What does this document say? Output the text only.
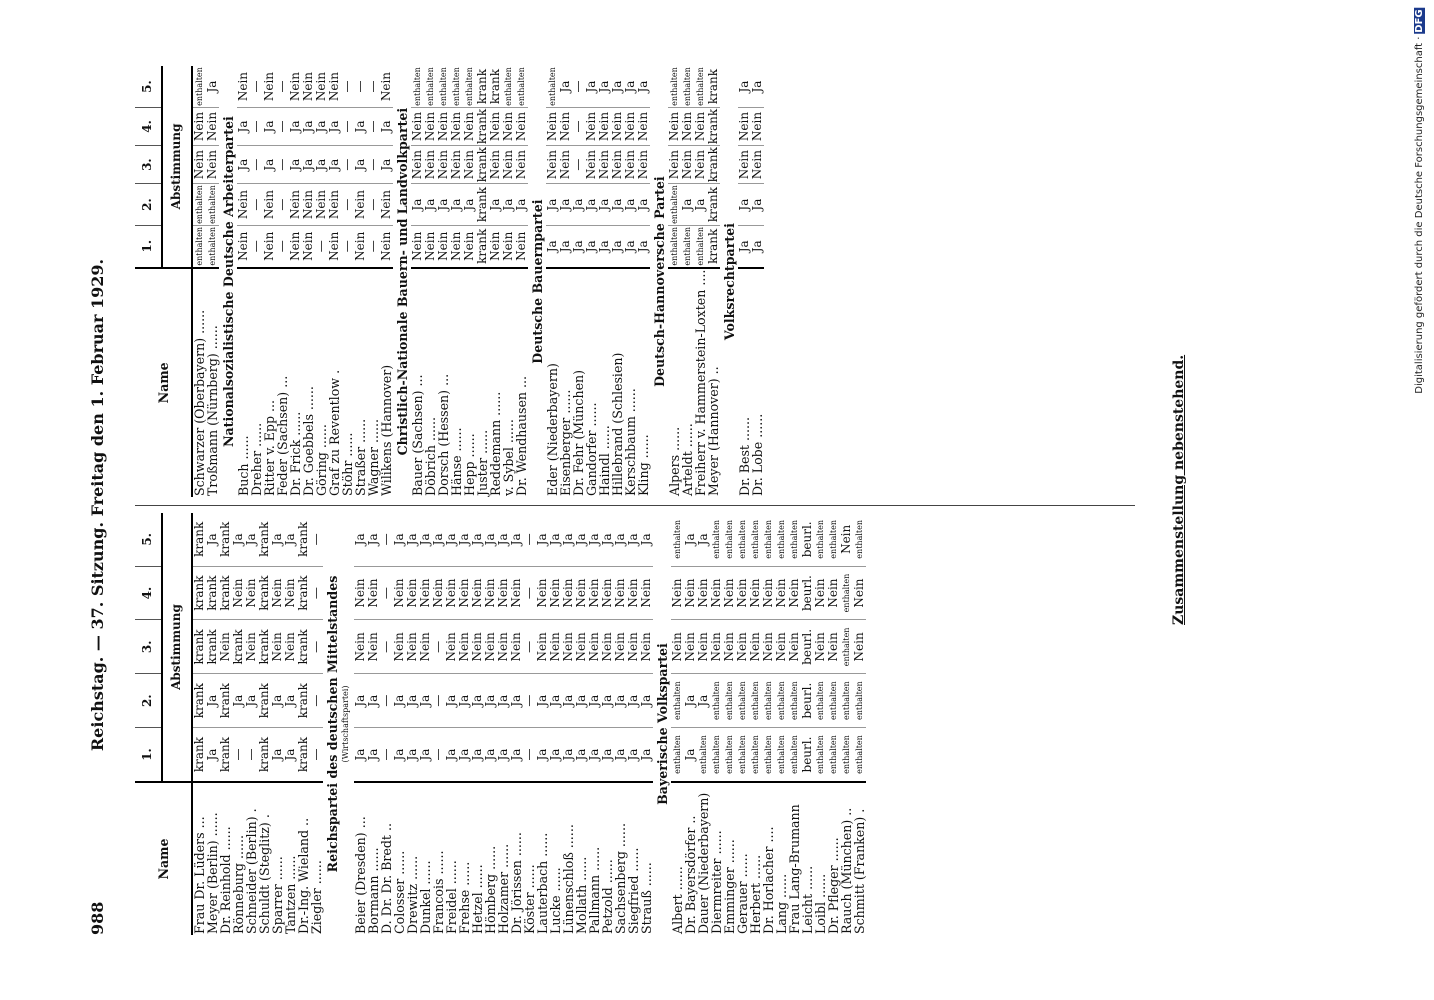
988
Reichstag. — 37. Sitzung. Freitag den 1. Februar 1929.
Name	1.	2.	3.	4.	5.
	Abstimmung				
Frau Dr. Lüders ...	krank	krank	krank	krank	krank
Meyer (Berlin) ......	Ja	Ja	krank	krank	Ja
Dr. Reinhold ......	krank	krank	Nein	krank	krank
Rönneburg ......	—	Ja	krank	Nein	Ja
Schneider (Berlin) .	—	Ja	Nein	Nein	Ja
Schuldt (Steglitz) .	krank	krank	krank	krank	krank
Sparrer ......	Ja	Ja	Nein	Nein	Ja
Tantzen ......	Ja	Ja	Nein	Nein	Ja
Dr.-Ing. Wieland ..	krank	krank	krank	krank	krank
Ziegler ......	—	—	—	—	—
Reichspartei des deutschen Mittelstandes (Wirtschaftspartei)					

Beier (Dresden) ...	Ja	Ja	Nein	Nein	Ja
Bormann ......	Ja	Ja	Nein	Nein	Ja
D. Dr. Dr. Bredt ..	—	—	—	—	—
Colosser ......	Ja	Ja	Nein	Nein	Ja
Drewitz ......	Ja	Ja	Nein	Nein	Ja
Dunkel ......	Ja	Ja	Nein	Nein	Ja
Francois ......	—	—	—	Nein	Ja
Freidel ......	Ja	Ja	Nein	Nein	Ja
Frehse ......	Ja	Ja	Nein	Nein	Ja
Hetzel ......	Ja	Ja	Nein	Nein	Ja
Hömberg ......	Ja	Ja	Nein	Nein	Ja
Holzamer ......	Ja	Ja	Nein	Nein	Ja
Dr. Jörissen ......	Ja	Ja	Nein	Nein	Ja
Köster ......	—	—	—	—	—
Lauterbach ......	Ja	Ja	Nein	Nein	Ja
Lucke ......	Ja	Ja	Nein	Nein	Ja
Lünenschloß ......	Ja	Ja	Nein	Nein	Ja
Mollath ......	Ja	Ja	Nein	Nein	Ja
Pallmann ......	Ja	Ja	Nein	Nein	Ja
Petzold ......	Ja	Ja	Nein	Nein	Ja
Sachsenberg ......	Ja	Ja	Nein	Nein	Ja
Siegfried ......	Ja	Ja	Nein	Nein	Ja
Strauß ......	Ja	Ja	Nein	Nein	Ja
Bayerische Volkspartei					
Albert ......	enthalten	enthalten	Nein	Nein	enthalten
Dr. Bayersdörfer ..	Ja	Ja	Nein	Nein	Ja
Dauer (Niederbayern)	enthalten	Ja	Nein	Nein	Ja
Diermreiter ......	enthalten	enthalten	Nein	Nein	enthalten
Emminger ......	enthalten	enthalten	Nein	Nein	enthalten
Gerauer ......	enthalten	enthalten	Nein	Nein	enthalten
Herbert ......	enthalten	enthalten	Nein	Nein	enthalten
Dr. Horlacher ....	enthalten	enthalten	Nein	Nein	enthalten
Lang ......	enthalten	enthalten	Nein	Nein	enthalten
Frau Lang-Brumann	enthalten	enthalten	Nein	Nein	enthalten
Leicht ......	beurl.	beurl.	beurl.	beurl.	beurl.
Loibl ......	enthalten	enthalten	Nein	Nein	enthalten
Dr. Pfleger ......	enthalten	enthalten	Nein	Nein	enthalten
Rauch (München) ..	enthalten	enthalten	enthalten	enthalten	Nein
Schmitt (Franken) .	enthalten	enthalten	Nein	Nein	enthalten
Name	1.	2.	3.	4.	5.
	Abstimmung				
Schwarzer (Oberbayern) ......	enthalten	enthalten	Nein	Nein	enthalten
Troßmann (Nürnberg) ......	enthalten	enthalten	Nein	Nein	Ja
Nationalsozialistische Deutsche Arbeiterpartei					
Buch ......	Nein	Nein	Ja	Ja	Nein
Dreher ......	—	—	—	—	—
Ritter v. Epp ...	Nein	Nein	Ja	Ja	Nein
Feder (Sachsen) ...	—	—	—	—	—
Dr. Frick ......	Nein	Nein	Ja	Ja	Nein
Dr. Goebbels ......	Nein	Nein	Ja	Ja	Nein
Göring ......	—	Nein	Ja	Ja	Nein
Graf zu Reventlow .	Nein	Nein	Ja	Ja	Nein
Stöhr ......	—	—	—	—	—
Straßer ......	Nein	Nein	Ja	Ja	—
Wagner ......	—	—	—	—	—
Wilikens (Hannover)	Nein	Nein	Ja	Ja	Nein
Christlich-Nationale Bauern- und Landvolkpartei					
Bauer (Sachsen) ...	Nein	Ja	Nein	Nein	enthalten
Döbrich ......	Nein	Ja	Nein	Nein	enthalten
Dorsch (Hessen) ...	Nein	Ja	Nein	Nein	enthalten
Hänse ......	Nein	Ja	Nein	Nein	enthalten
Hepp ......	Nein	Ja	Nein	Nein	enthalten
Juster ......	krank	krank	krank	krank	krank
Reddemann ......	Nein	Ja	Nein	Nein	krank
v. Sybel ......	Nein	Ja	Nein	Nein	enthalten
Dr. Wendhausen ...	Nein	Ja	Nein	Nein	enthalten
Deutsche Bauernpartei					
Eder (Niederbayern)	Ja	Ja	Nein	Nein	enthalten
Eisenberger ......	Ja	Ja	Nein	Nein	Ja
Dr. Fehr (München)	Ja	Ja	—	—	—
Gandorfer ......	Ja	Ja	Nein	Nein	Ja
Haindl ......	Ja	Ja	Nein	Nein	Ja
Hillebrand (Schlesien)	Ja	Ja	Nein	Nein	Ja
Kerschbaum ......	Ja	Ja	Nein	Nein	Ja
Kling ......	Ja	Ja	Nein	Nein	Ja
Deutsch-Hannoversche Partei					
Alpers ......	enthalten	enthalten	Nein	Nein	enthalten
Arteldt ......	enthalten	Ja	Nein	Nein	enthalten
Freiherr v. Hammerstein-Loxten ....	enthalten	Ja	Nein	Nein	enthalten
Meyer (Hannover) ..	krank	krank	krank	krank	krank
Volksrechtpartei					
Dr. Best ......	Ja	Ja	Nein	Nein	Ja
Dr. Lobe ......	Ja	Ja	Nein	Nein	Ja
Zusammenstellung nebenstehend.
Digitalisierung gefördert durch die Deutsche Forschungsgemeinschaft · DFG
